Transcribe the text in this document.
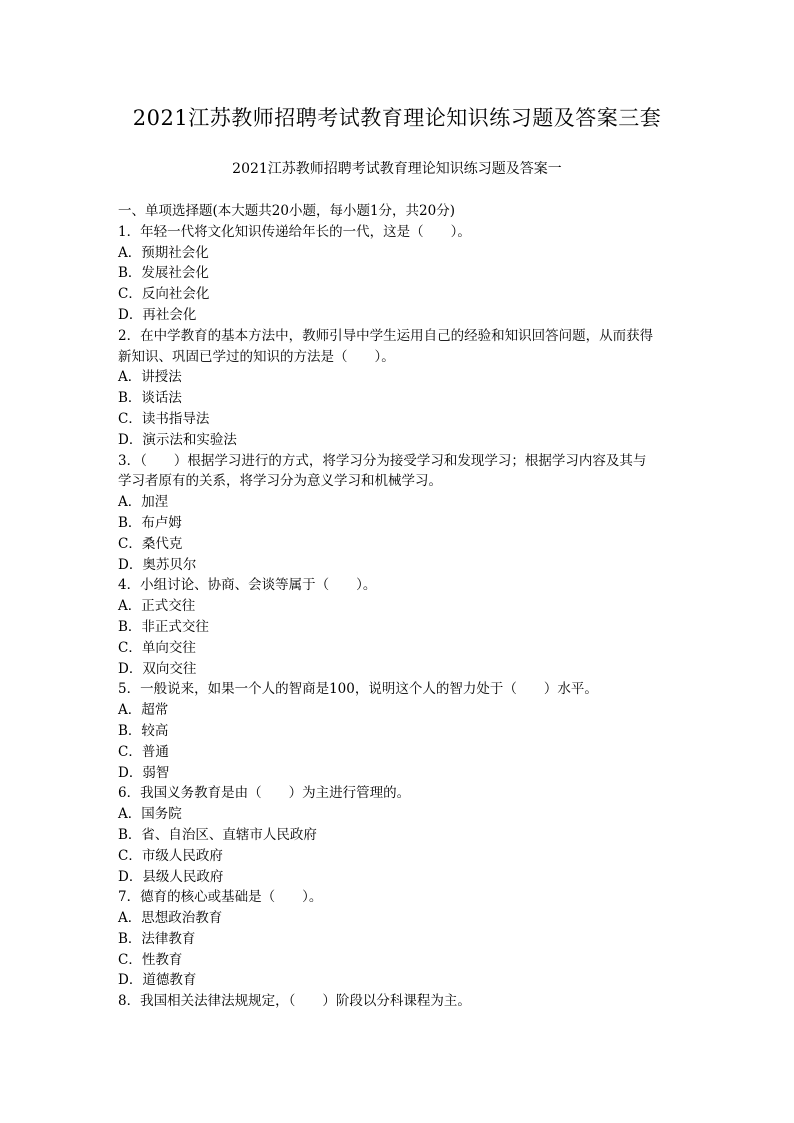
2021江苏教师招聘考试教育理论知识练习题及答案三套
2021江苏教师招聘考试教育理论知识练习题及答案一
一、单项选择题(本大题共20小题，每小题1分，共20分)
1．年轻一代将文化知识传递给年长的一代，这是（　　）。
A．预期社会化
B．发展社会化
C．反向社会化
D．再社会化
2．在中学教育的基本方法中，教师引导中学生运用自己的经验和知识回答问题，从而获得
新知识、巩固已学过的知识的方法是（　　）。
A．讲授法
B．谈话法
C．读书指导法
D．演示法和实验法
3．（　　）根据学习进行的方式，将学习分为接受学习和发现学习；根据学习内容及其与
学习者原有的关系，将学习分为意义学习和机械学习。
A．加涅
B．布卢姆
C．桑代克
D．奥苏贝尔
4．小组讨论、协商、会谈等属于（　　）。
A．正式交往
B．非正式交往
C．单向交往
D．双向交往
5．一般说来，如果一个人的智商是100，说明这个人的智力处于（　　）水平。
A．超常
B．较高
C．普通
D．弱智
6．我国义务教育是由（　　）为主进行管理的。
A．国务院
B．省、自治区、直辖市人民政府
C．市级人民政府
D．县级人民政府
7．德育的核心或基础是（　　）。
A．思想政治教育
B．法律教育
C．性教育
D．道德教育
8．我国相关法律法规规定，（　　）阶段以分科课程为主。
